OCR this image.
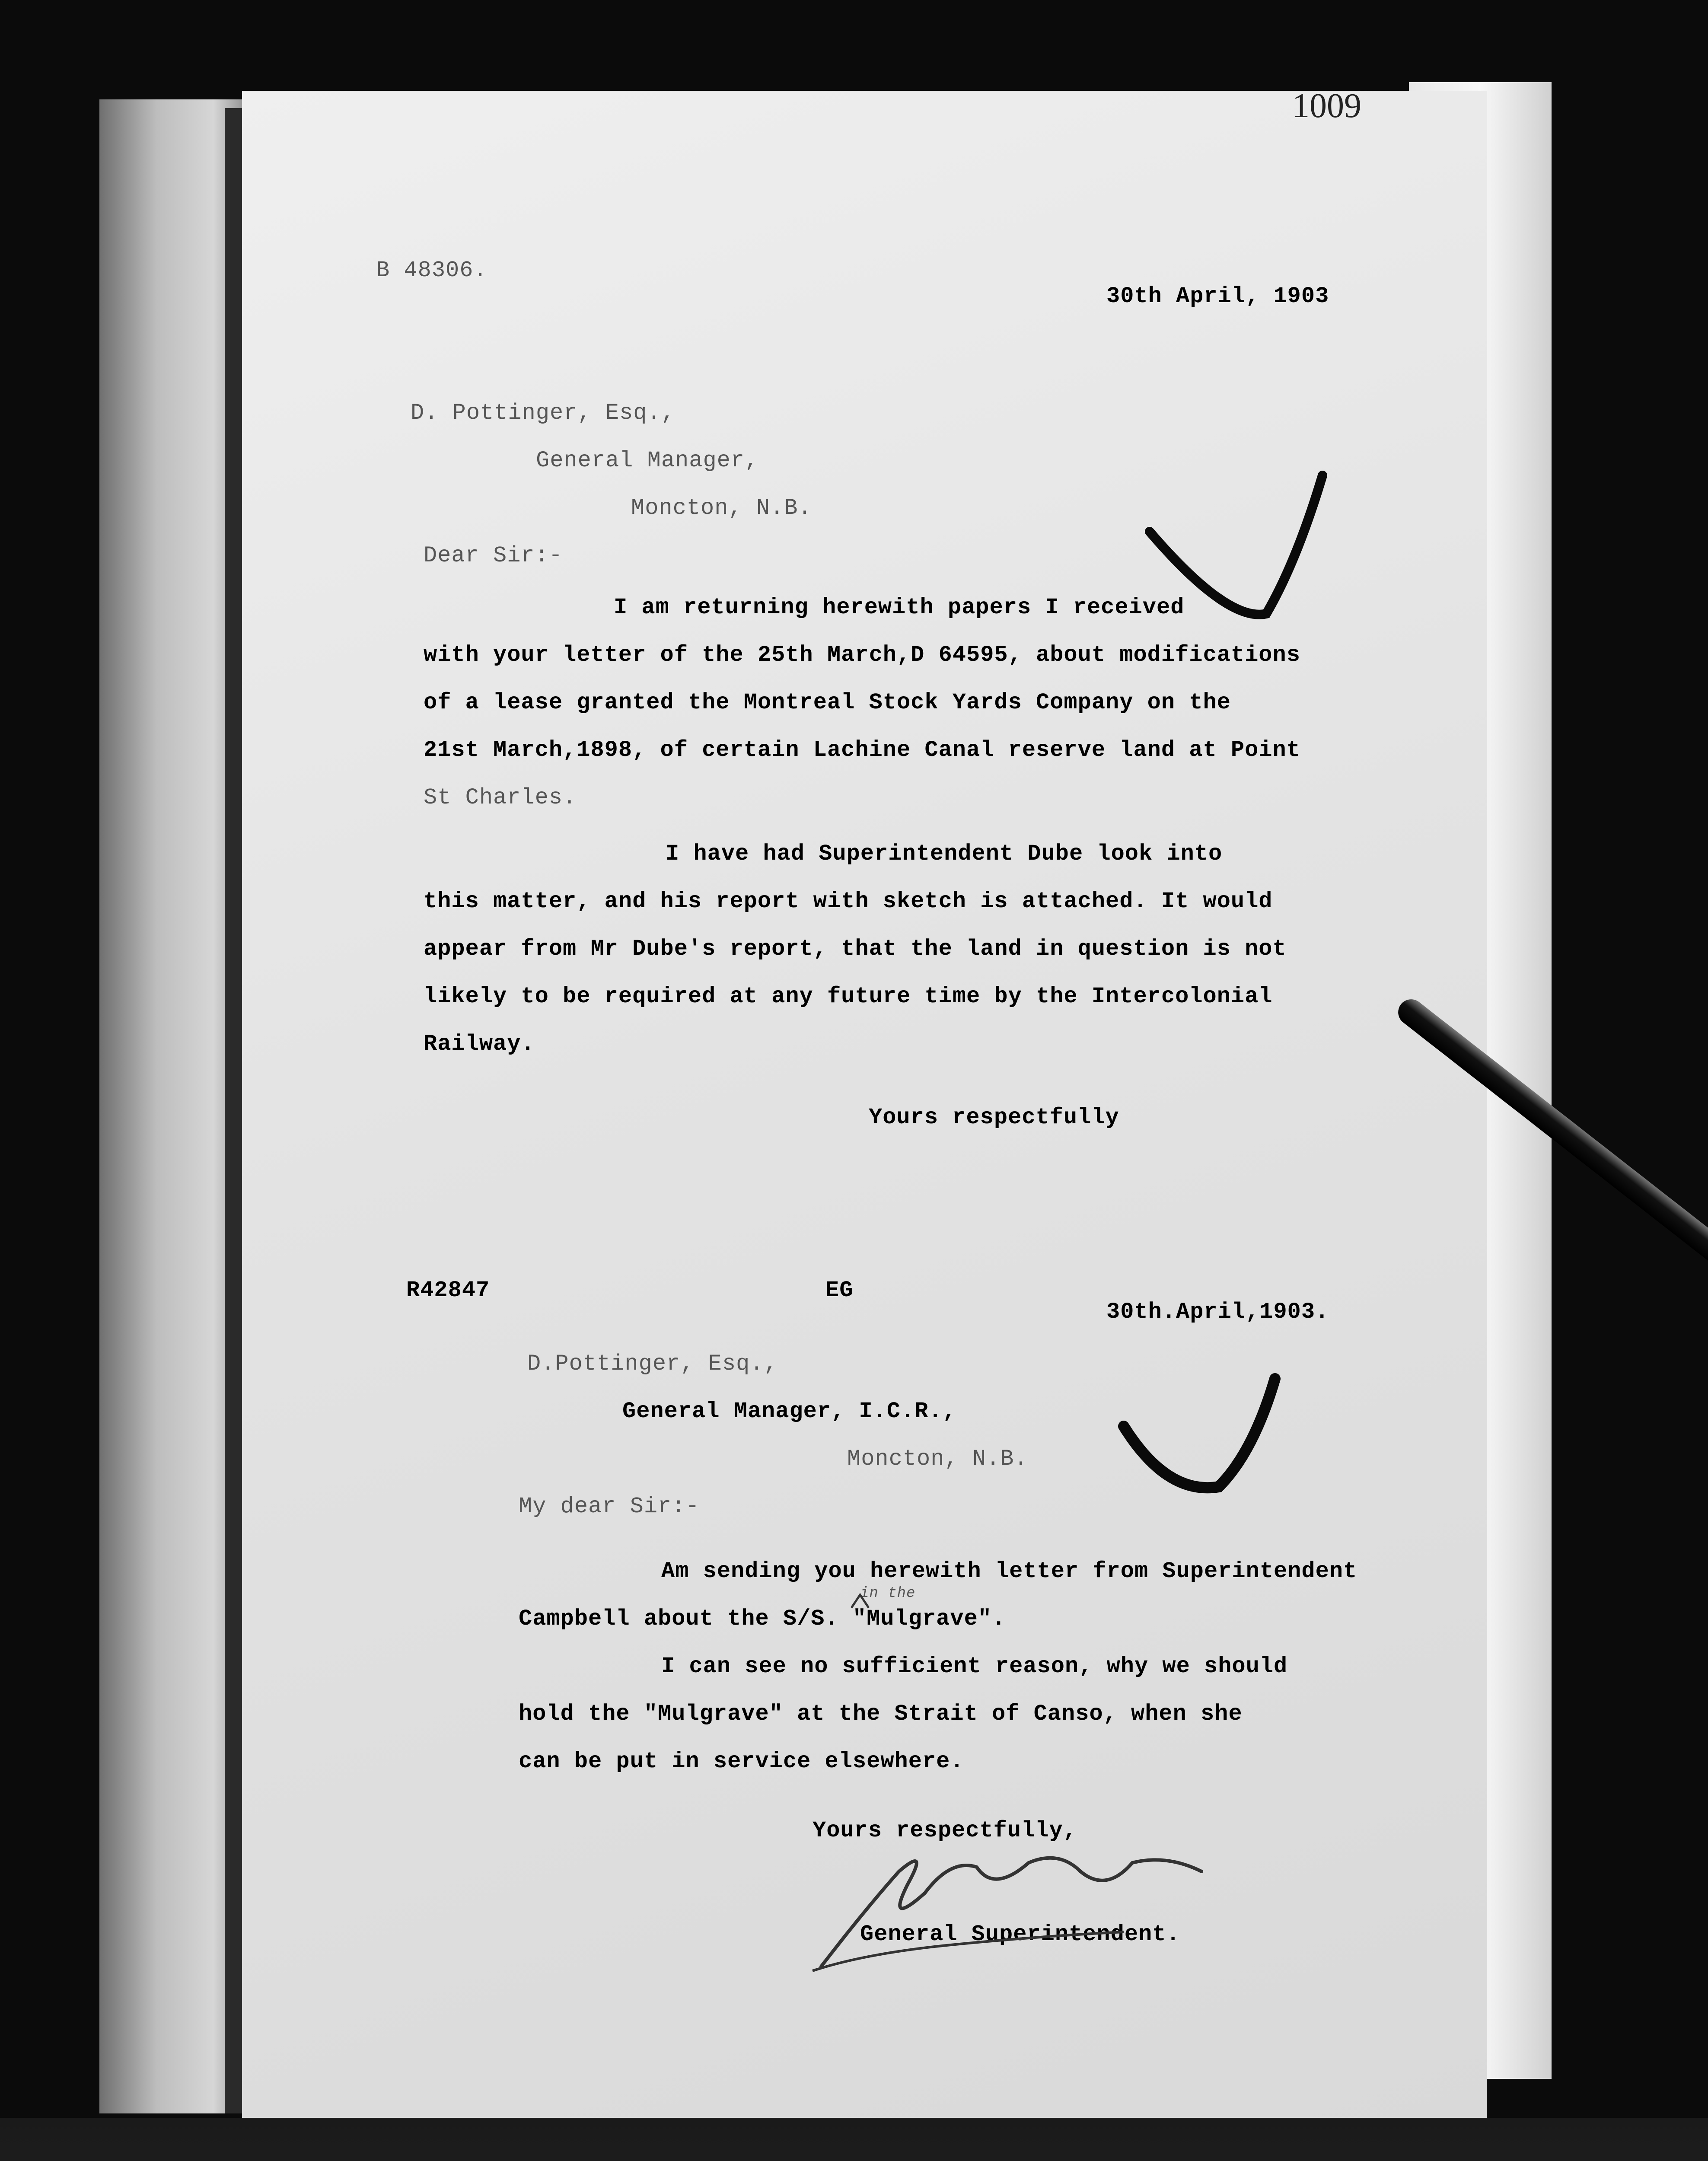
1009
B 48306.
30th April, 1903
D. Pottinger, Esq.,
General Manager,
Moncton, N.B.
Dear Sir:-
I am returning herewith papers I received
with your letter of the 25th March,D 64595, about modifications
of a lease granted the Montreal Stock Yards Company on the
21st March,1898, of certain Lachine Canal reserve land at Point
St Charles.
I have had Superintendent Dube look into
this matter, and his report with sketch is attached. It would
appear from Mr Dube's report, that the land in question is not
likely to be required at any future time by the Intercolonial
Railway.
Yours respectfully
R42847	EG
30th.April,1903.
D.Pottinger, Esq.,
General Manager, I.C.R.,
Moncton, N.B.
My dear Sir:-
Am sending you herewith letter from Superintendent
Campbell about the S/S. "Mulgrave".
in the
I can see no sufficient reason, why we should
hold the "Mulgrave" at the Strait of Canso, when she
can be put in service elsewhere.
Yours respectfully,
General Superintendent.
